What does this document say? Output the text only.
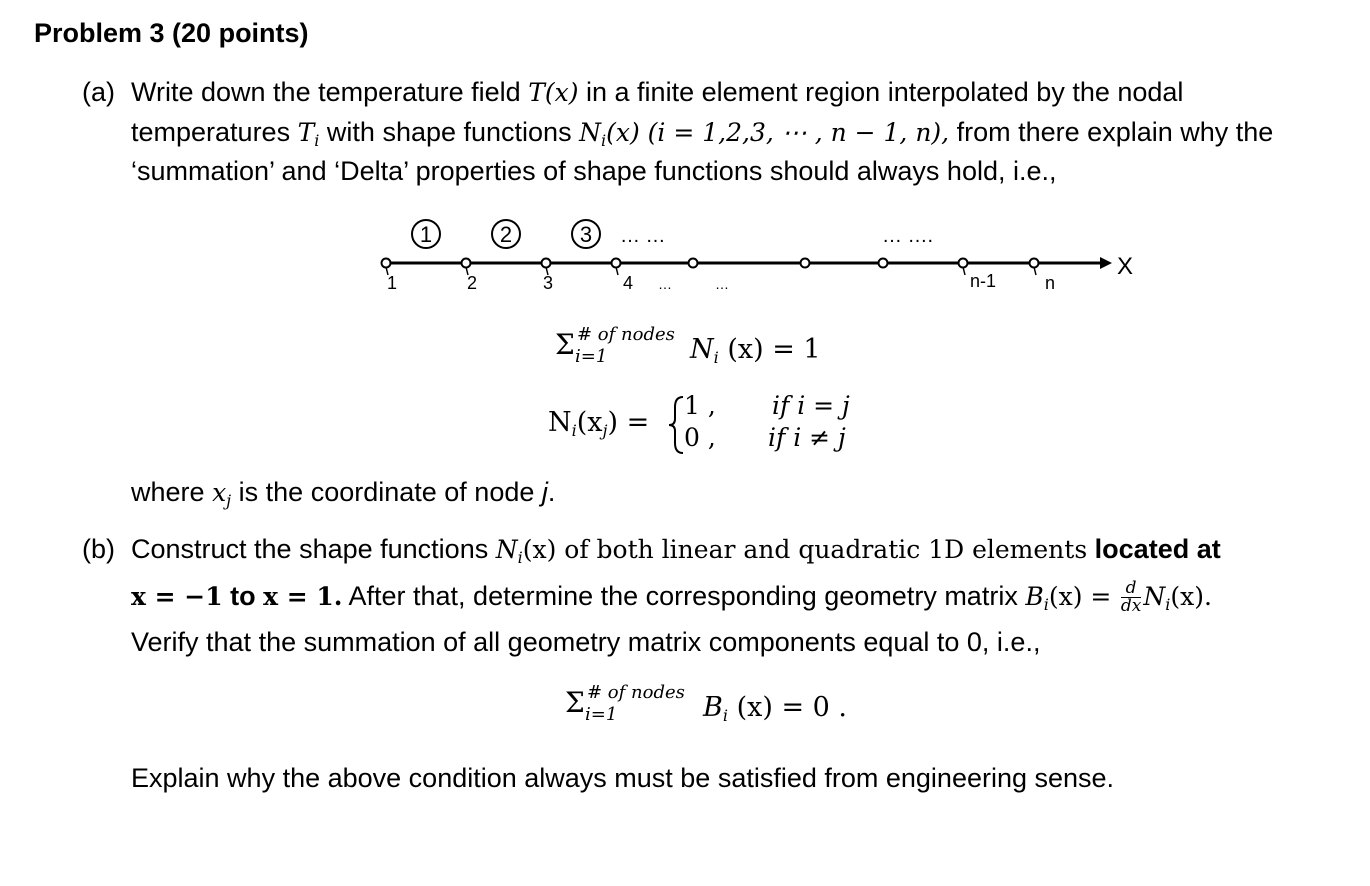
Problem 3 (20 points)
(a) Write down the temperature field T(x) in a finite element region interpolated by the nodal
temperatures $T_i$ with shape functions $N_i(x) (i = 1,2,3$, ⋯ , n − 1, n), from there explain why the
‘summation’ and ‘Delta’ properties of shape functions should always hold, i.e.,
1	2	3 … …	… ….
1	2	3	4 …	…	n-1	n
X
Σ # of nodes
i=1	$N_i$ (x) = 1
$N_i(x_j)$ =
1 ,
0 ,
if i = j
if i ≠ j
where $x_j$ is the coordinate of node j.
(b) Construct the shape functions $N_i(x)$ of both linear and quadratic 1D elements located at
x = −1 to x = 1. After that, determine the corresponding geometry matrix $B_i(x) = \frac{d}{dx} N_i(x)$.
Verify that the summation of all geometry matrix components equal to 0, i.e.,
Σ # of nodes
i=1	$B_i$ (x) = 0 .
Explain why the above condition always must be satisfied from engineering sense.
